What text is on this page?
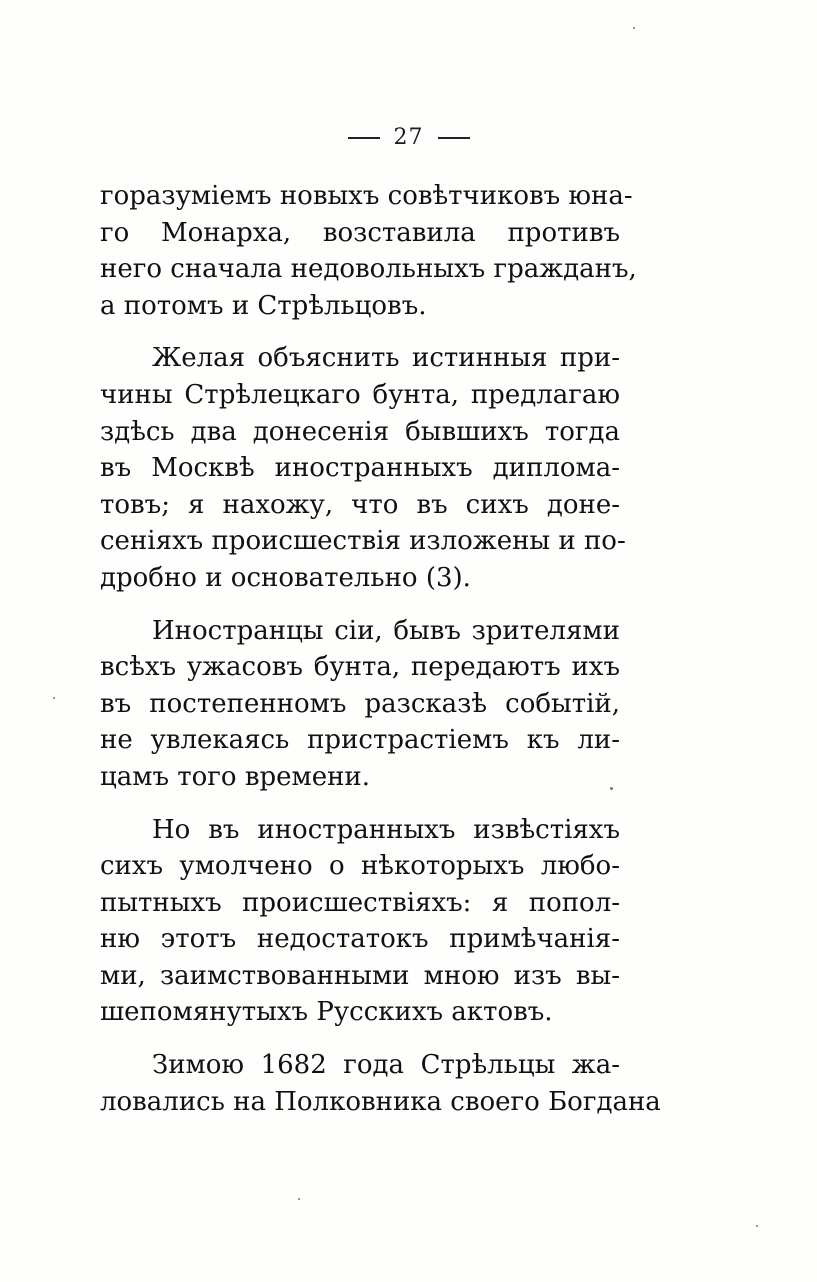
27

горазуміемъ новыхъ совѣтчиковъ юна-
го Монарха, возставила противъ
него сначала недовольныхъ гражданъ,
а потомъ и Стрѣльцовъ.

Желая объяснить истинныя при-
чины Стрѣлецкаго бунта, предлагаю
здѣсь два донесенія бывшихъ тогда
въ Москвѣ иностранныхъ диплома-
товъ; я нахожу, что въ сихъ доне-
сеніяхъ происшествія изложены и по-
дробно и основательно (3).

Иностранцы сіи, бывъ зрителями
всѣхъ ужасовъ бунта, передаютъ ихъ
въ постепенномъ разсказѣ событій,
не увлекаясь пристрастіемъ къ ли-
цамъ того времени.

Но въ иностранныхъ извѣстіяхъ
сихъ умолчено о нѣкоторыхъ любо-
пытныхъ происшествіяхъ: я попол-
ню этотъ недостатокъ примѣчанія-
ми, заимствованными мною изъ вы-
шепомянутыхъ Русскихъ актовъ.

Зимою 1682 года Стрѣльцы жа-
ловались на Полковника своего Богдана
